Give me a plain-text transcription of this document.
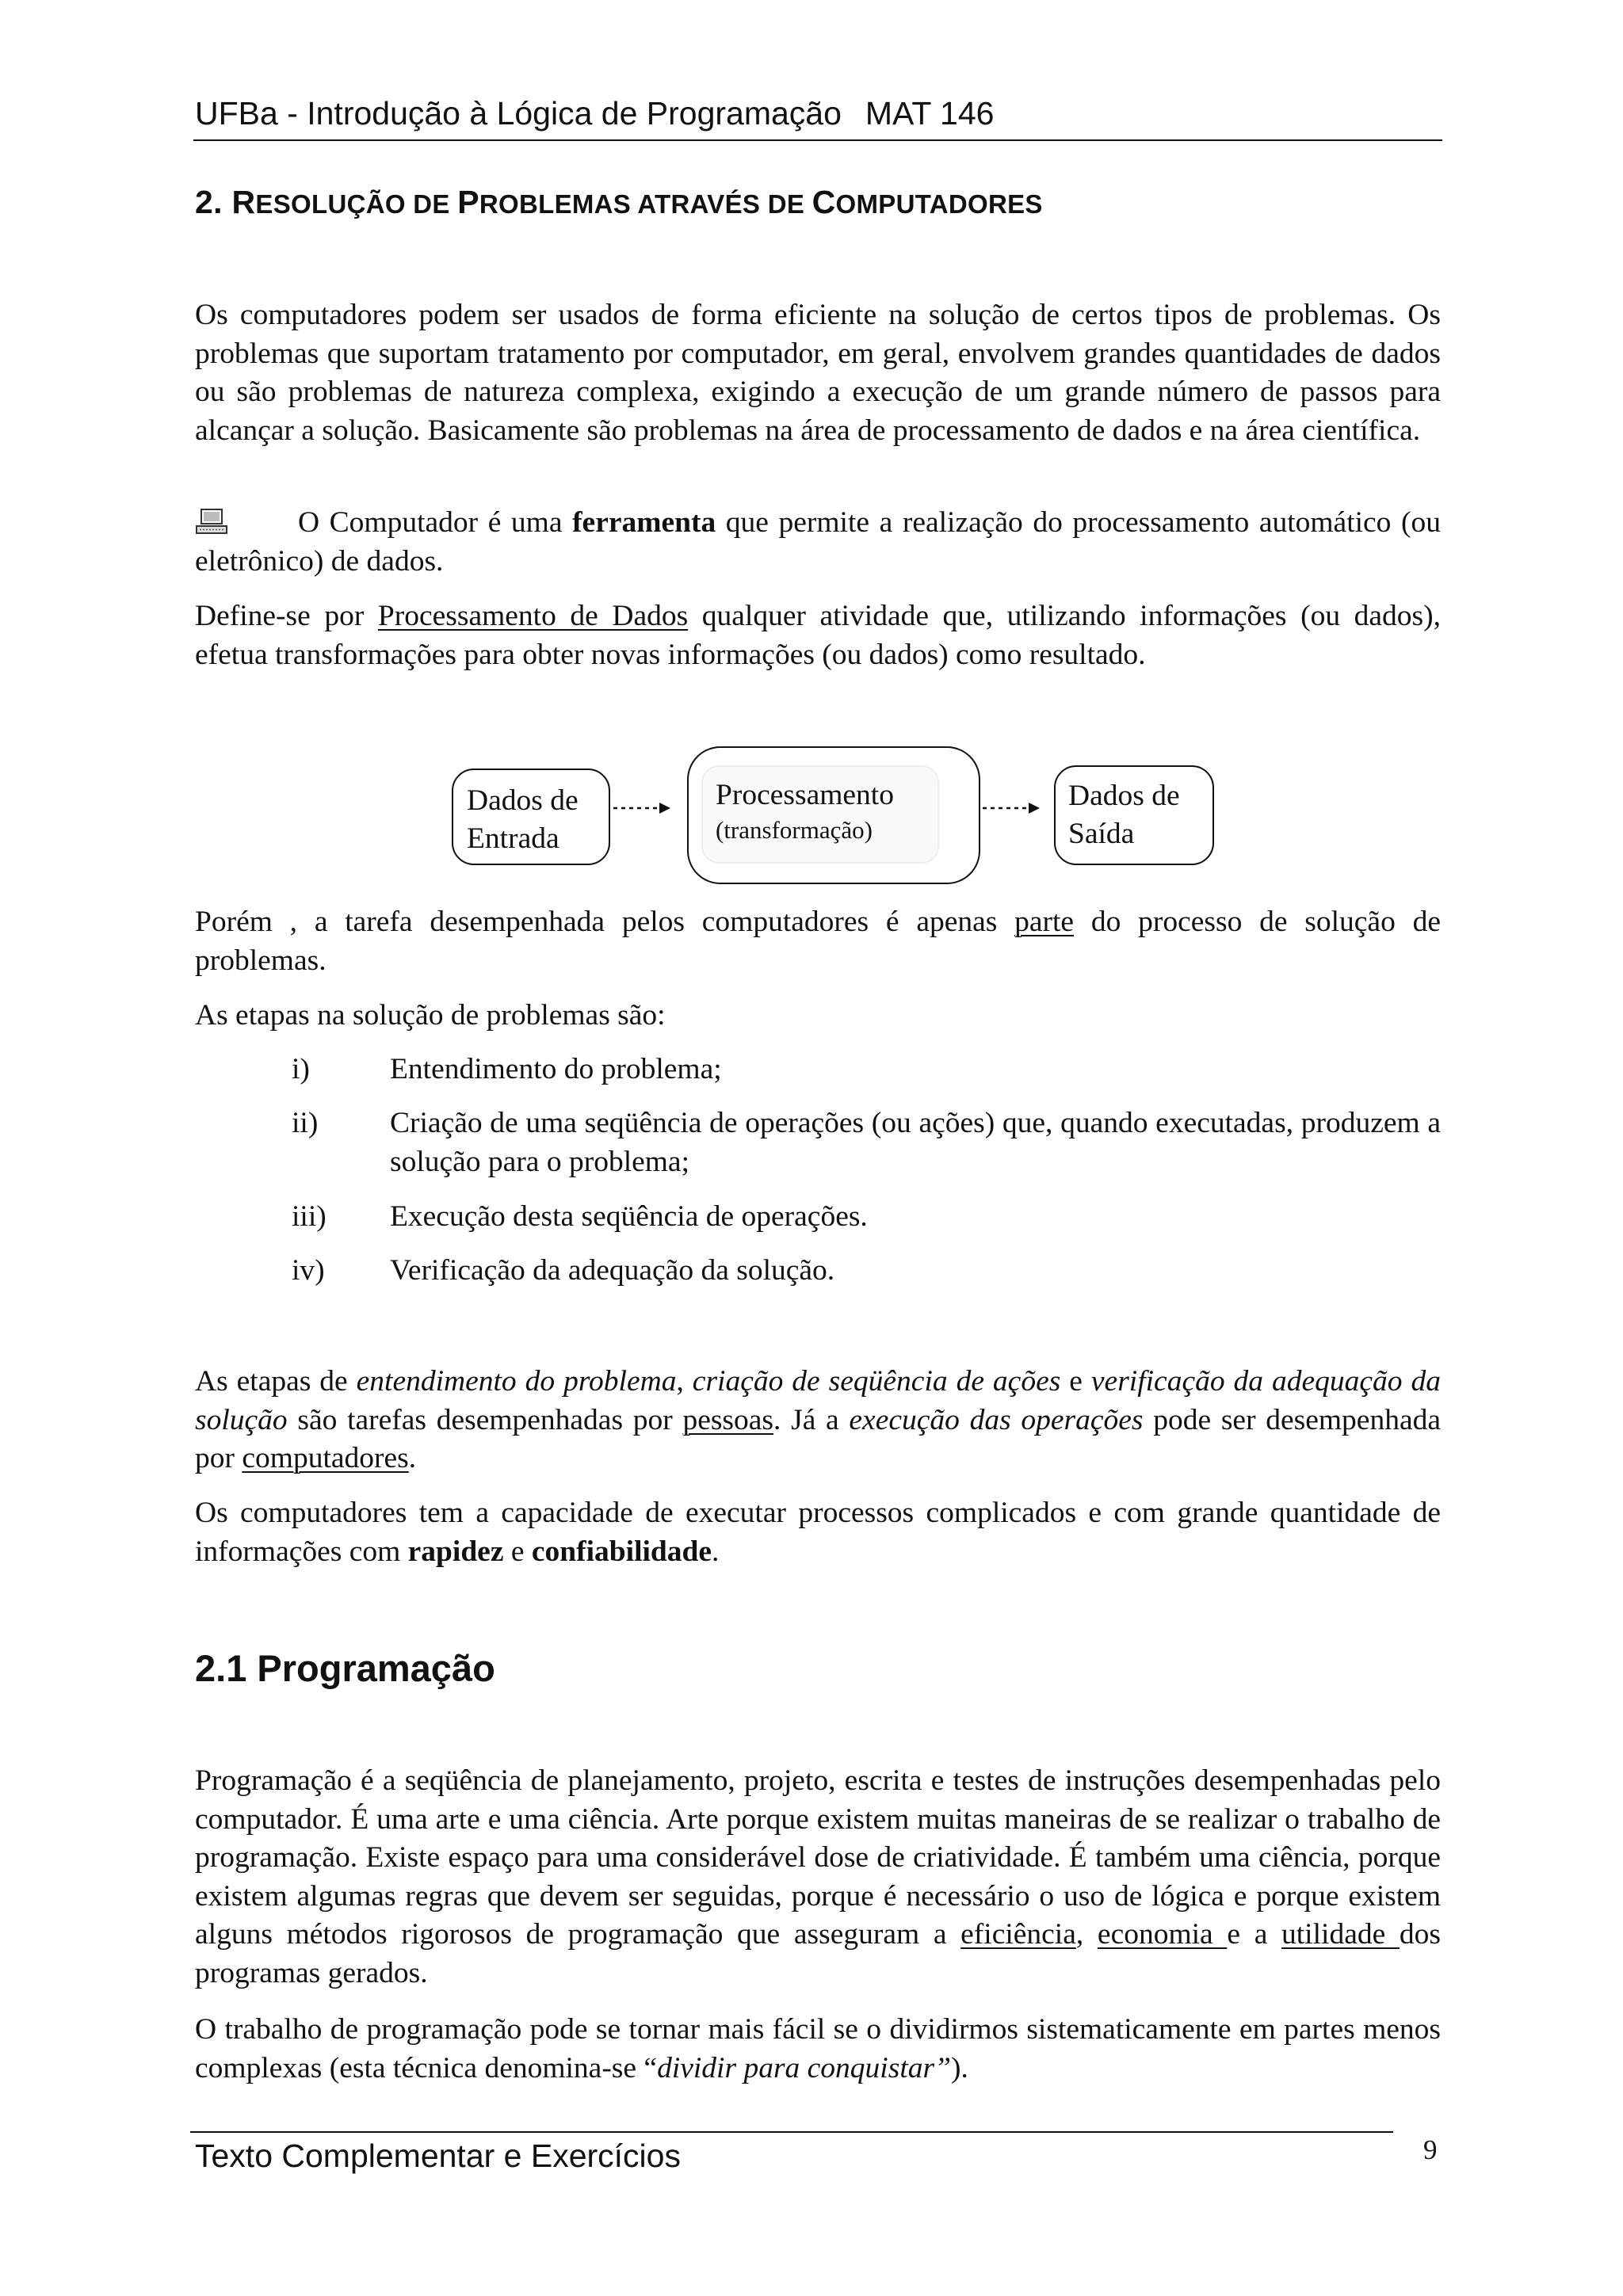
UFBa - Introdução à Lógica de Programação MAT 146
2. RESOLUÇÃO DE PROBLEMAS ATRAVÉS DE COMPUTADORES

Os computadores podem ser usados de forma eficiente na solução de certos tipos de problemas. Os problemas que suportam tratamento por computador, em geral, envolvem grandes quantidades de dados ou são problemas de natureza complexa, exigindo a execução de um grande número de passos para alcançar a solução. Basicamente são problemas na área de processamento de dados e na área científica.

O Computador é uma ferramenta que permite a realização do processamento automático (ou eletrônico) de dados.

Define-se por Processamento de Dados qualquer atividade que, utilizando informações (ou dados), efetua transformações para obter novas informações (ou dados) como resultado.

Dados de
Entrada
Processamento
(transformação)
Dados de
Saída

Porém , a tarefa desempenhada pelos computadores é apenas parte do processo de solução de problemas.

As etapas na solução de problemas são:

i)	Entendimento do problema;
ii) Criação de uma seqüência de operações (ou ações) que, quando executadas, produzem a solução para o problema;
iii) Execução desta seqüência de operações.
iv) Verificação da adequação da solução.

As etapas de entendimento do problema, criação de seqüência de ações e verificação da adequação da solução são tarefas desempenhadas por pessoas. Já a execução das operações pode ser desempenhada por computadores.

Os computadores tem a capacidade de executar processos complicados e com grande quantidade de informações com rapidez e confiabilidade.

2.1 Programação

Programação é a seqüência de planejamento, projeto, escrita e testes de instruções desempenhadas pelo computador. É uma arte e uma ciência. Arte porque existem muitas maneiras de se realizar o trabalho de programação. Existe espaço para uma considerável dose de criatividade. É também uma ciência, porque existem algumas regras que devem ser seguidas, porque é necessário o uso de lógica e porque existem alguns métodos rigorosos de programação que asseguram a eficiência, economia e a utilidade dos programas gerados.

O trabalho de programação pode se tornar mais fácil se o dividirmos sistematicamente em partes menos complexas (esta técnica denomina-se “dividir para conquistar”).

Texto Complementar e Exercícios	9
